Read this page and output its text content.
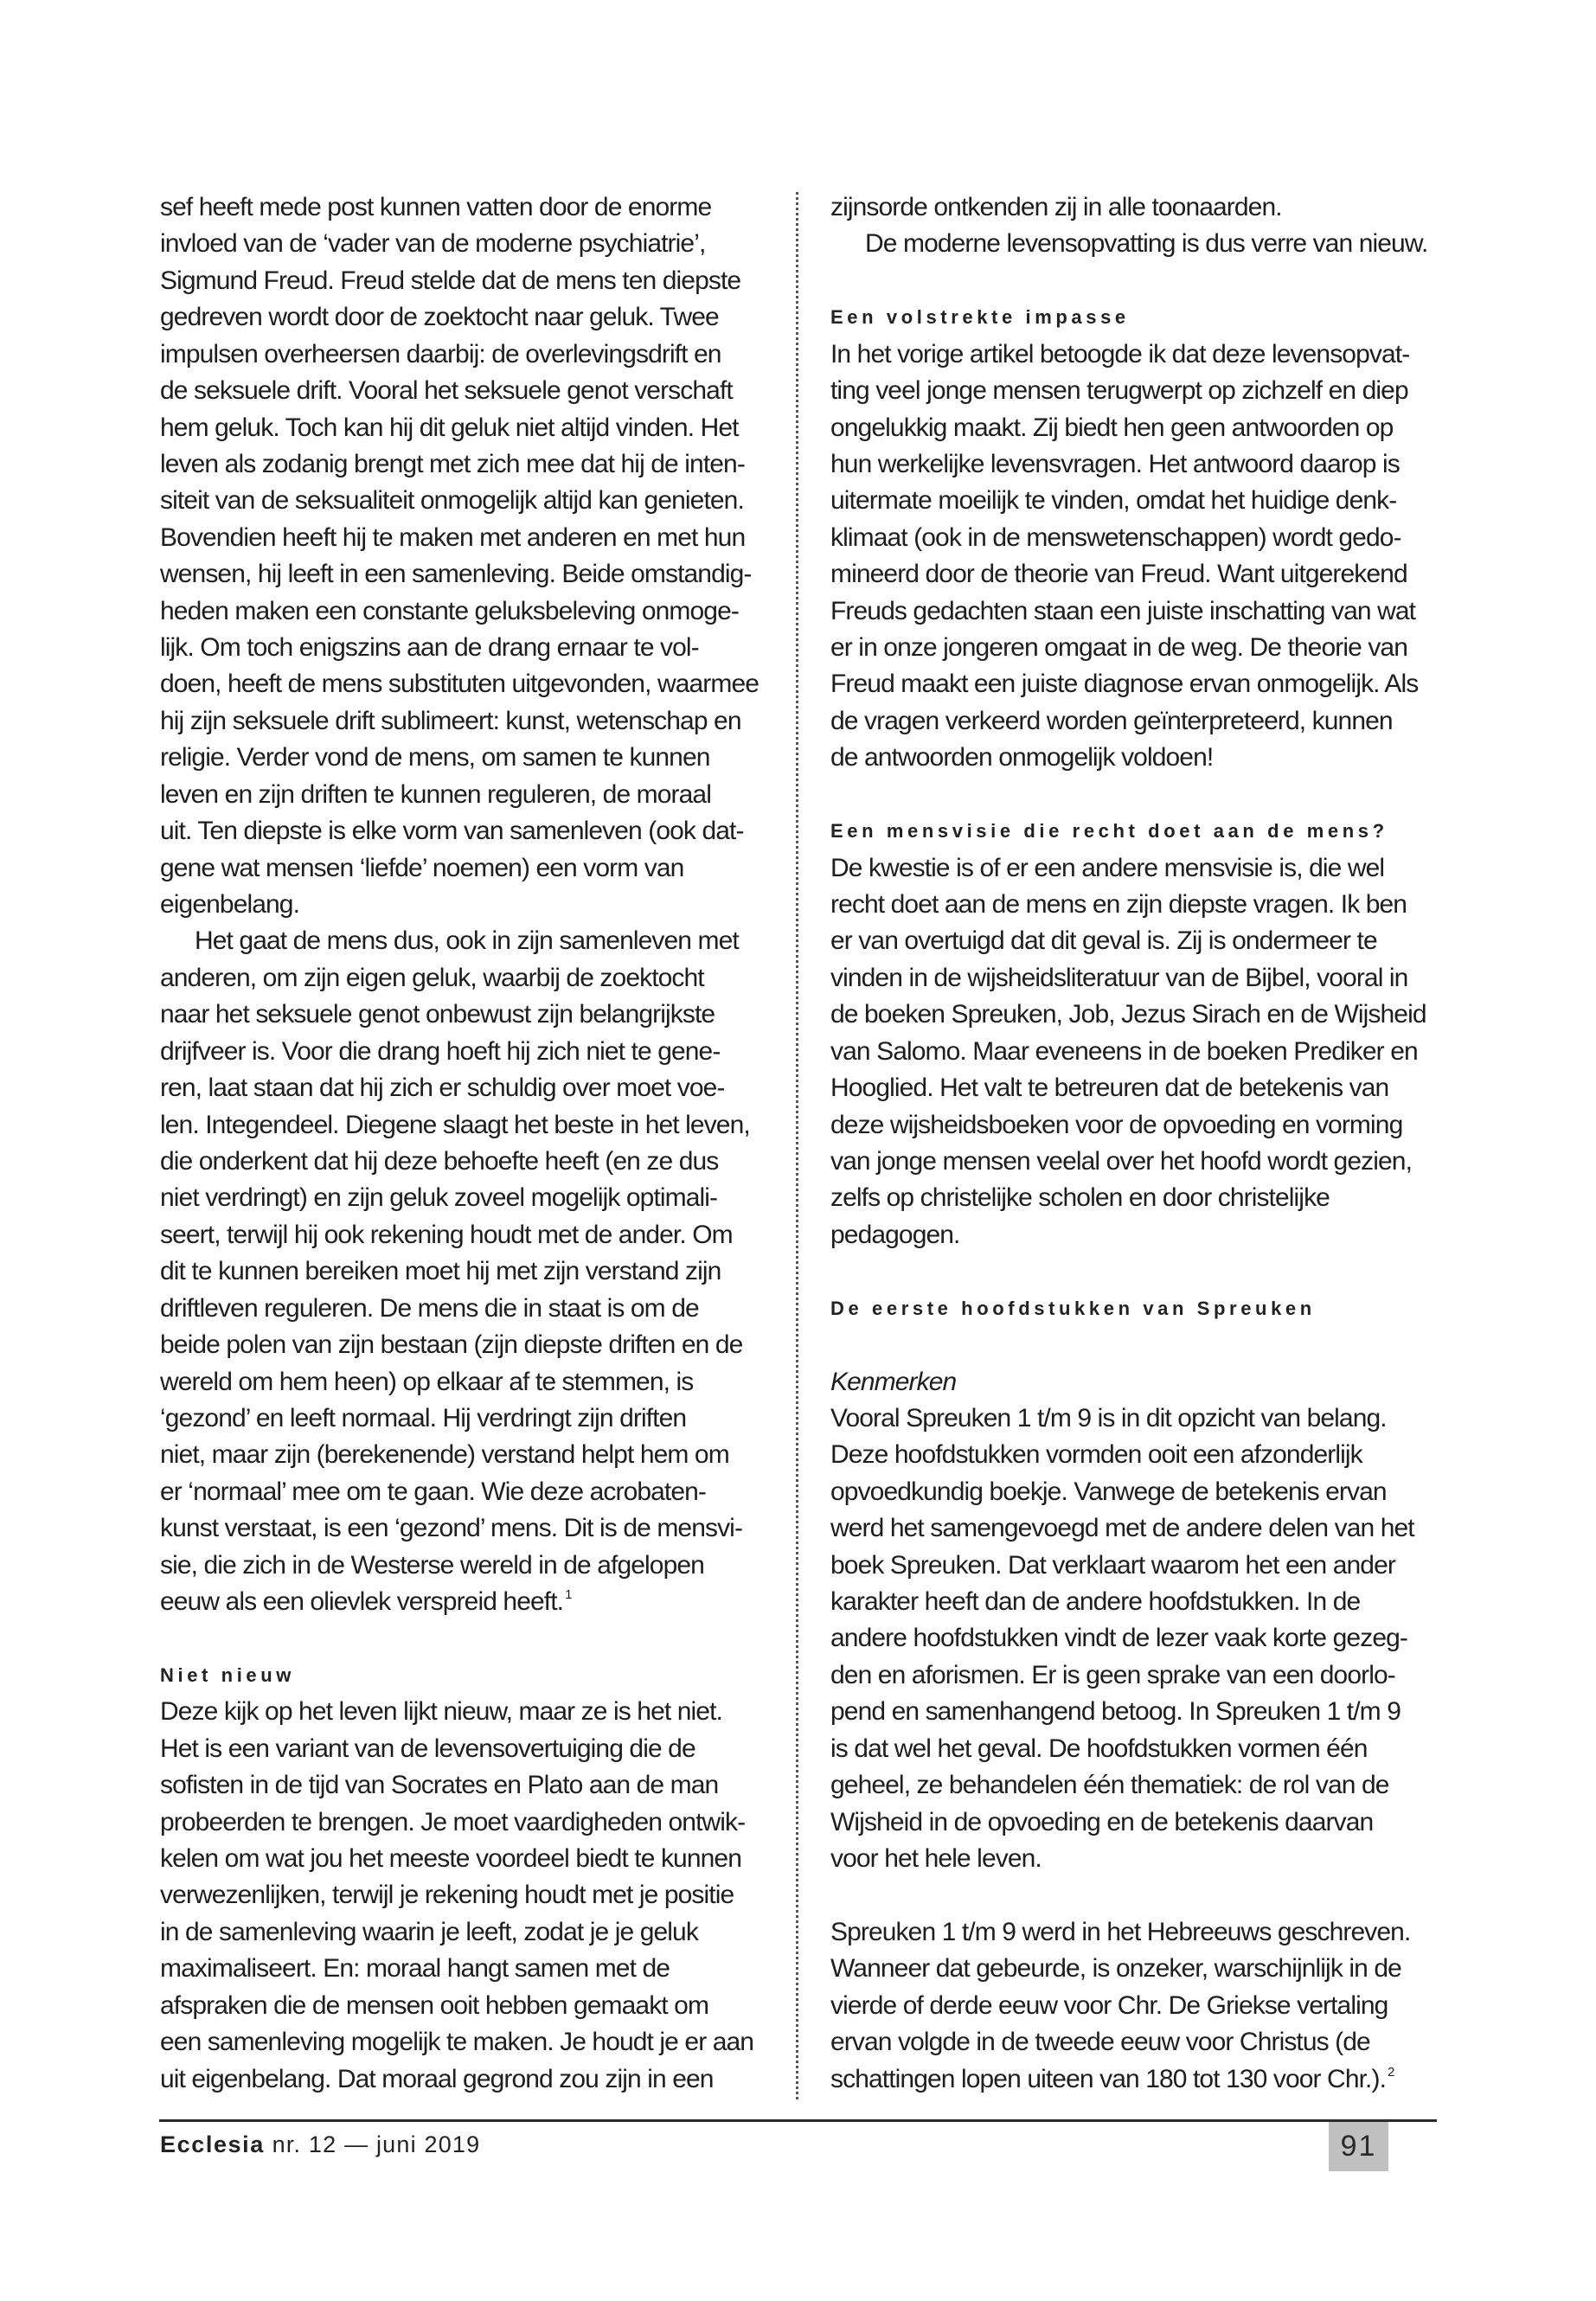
sef heeft mede post kunnen vatten door de enorme
invloed van de ‘vader van de moderne psychiatrie’,
Sigmund Freud. Freud stelde dat de mens ten diepste
gedreven wordt door de zoektocht naar geluk. Twee
impulsen overheersen daarbij: de overlevingsdrift en
de seksuele drift. Vooral het seksuele genot verschaft
hem geluk. Toch kan hij dit geluk niet altijd vinden. Het
leven als zodanig brengt met zich mee dat hij de inten-
siteit van de seksualiteit onmogelijk altijd kan genieten.
Bovendien heeft hij te maken met anderen en met hun
wensen, hij leeft in een samenleving. Beide omstandig-
heden maken een constante geluksbeleving onmoge-
lijk. Om toch enigszins aan de drang ernaar te vol-
doen, heeft de mens substituten uitgevonden, waarmee
hij zijn seksuele drift sublimeert: kunst, wetenschap en
religie. Verder vond de mens, om samen te kunnen
leven en zijn driften te kunnen reguleren, de moraal
uit. Ten diepste is elke vorm van samenleven (ook dat-
gene wat mensen ‘liefde’ noemen) een vorm van
eigenbelang.
Het gaat de mens dus, ook in zijn samenleven met
anderen, om zijn eigen geluk, waarbij de zoektocht
naar het seksuele genot onbewust zijn belangrijkste
drijfveer is. Voor die drang hoeft hij zich niet te gene-
ren, laat staan dat hij zich er schuldig over moet voe-
len. Integendeel. Diegene slaagt het beste in het leven,
die onderkent dat hij deze behoefte heeft (en ze dus
niet verdringt) en zijn geluk zoveel mogelijk optimali-
seert, terwijl hij ook rekening houdt met de ander. Om
dit te kunnen bereiken moet hij met zijn verstand zijn
driftleven reguleren. De mens die in staat is om de
beide polen van zijn bestaan (zijn diepste driften en de
wereld om hem heen) op elkaar af te stemmen, is
‘gezond’ en leeft normaal. Hij verdringt zijn driften
niet, maar zijn (berekenende) verstand helpt hem om
er ‘normaal’ mee om te gaan. Wie deze acrobaten-
kunst verstaat, is een ‘gezond’ mens. Dit is de mensvi-
sie, die zich in de Westerse wereld in de afgelopen
eeuw als een olievlek verspreid heeft. $^1$
Niet nieuw
Deze kijk op het leven lijkt nieuw, maar ze is het niet.
Het is een variant van de levensovertuiging die de
sofisten in de tijd van Socrates en Plato aan de man
probeerden te brengen. Je moet vaardigheden ontwik-
kelen om wat jou het meeste voordeel biedt te kunnen
verwezenlijken, terwijl je rekening houdt met je positie
in de samenleving waarin je leeft, zodat je je geluk
maximaliseert. En: moraal hangt samen met de
afspraken die de mensen ooit hebben gemaakt om
een samenleving mogelijk te maken. Je houdt je er aan
uit eigenbelang. Dat moraal gegrond zou zijn in een
zijnsorde ontkenden zij in alle toonaarden.
De moderne levensopvatting is dus verre van nieuw.
Een volstrekte impasse
In het vorige artikel betoogde ik dat deze levensopvat-
ting veel jonge mensen terugwerpt op zichzelf en diep
ongelukkig maakt. Zij biedt hen geen antwoorden op
hun werkelijke levensvragen. Het antwoord daarop is
uitermate moeilijk te vinden, omdat het huidige denk-
klimaat (ook in de menswetenschappen) wordt gedo-
mineerd door de theorie van Freud. Want uitgerekend
Freuds gedachten staan een juiste inschatting van wat
er in onze jongeren omgaat in de weg. De theorie van
Freud maakt een juiste diagnose ervan onmogelijk. Als
de vragen verkeerd worden geïnterpreteerd, kunnen
de antwoorden onmogelijk voldoen!
Een mensvisie die recht doet aan de mens?
De kwestie is of er een andere mensvisie is, die wel
recht doet aan de mens en zijn diepste vragen. Ik ben
er van overtuigd dat dit geval is. Zij is ondermeer te
vinden in de wijsheidsliteratuur van de Bijbel, vooral in
de boeken Spreuken, Job, Jezus Sirach en de Wijsheid
van Salomo. Maar eveneens in de boeken Prediker en
Hooglied. Het valt te betreuren dat de betekenis van
deze wijsheidsboeken voor de opvoeding en vorming
van jonge mensen veelal over het hoofd wordt gezien,
zelfs op christelijke scholen en door christelijke
pedagogen.
De eerste hoofdstukken van Spreuken
Kenmerken
Vooral Spreuken 1 t/m 9 is in dit opzicht van belang.
Deze hoofdstukken vormden ooit een afzonderlijk
opvoedkundig boekje. Vanwege de betekenis ervan
werd het samengevoegd met de andere delen van het
boek Spreuken. Dat verklaart waarom het een ander
karakter heeft dan de andere hoofdstukken. In de
andere hoofdstukken vindt de lezer vaak korte gezeg-
den en aforismen. Er is geen sprake van een doorlo-
pend en samenhangend betoog. In Spreuken 1 t/m 9
is dat wel het geval. De hoofdstukken vormen één
geheel, ze behandelen één thematiek: de rol van de
Wijsheid in de opvoeding en de betekenis daarvan
voor het hele leven.
Spreuken 1 t/m 9 werd in het Hebreeuws geschreven.
Wanneer dat gebeurde, is onzeker, warschijnlijk in de
vierde of derde eeuw voor Chr. De Griekse vertaling
ervan volgde in de tweede eeuw voor Christus (de
schattingen lopen uiteen van 180 tot 130 voor Chr.). $^2$
Ecclesia nr. 12 — juni 2019	91
